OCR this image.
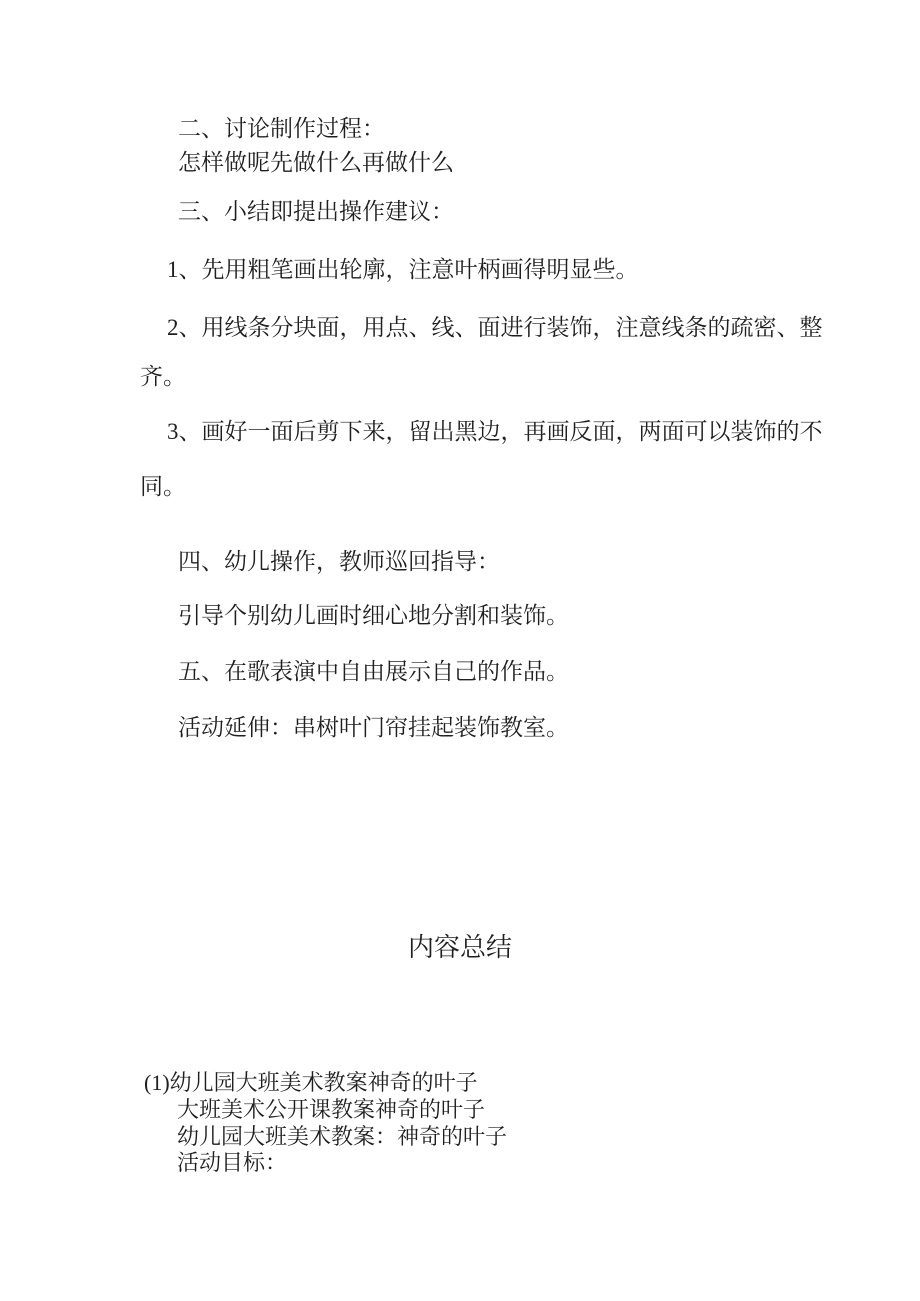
二、讨论制作过程：

怎样做呢先做什么再做什么

三、小结即提出操作建议：

1、先用粗笔画出轮廓，注意叶柄画得明显些。

2、用线条分块面，用点、线、面进行装饰，注意线条的疏密、整

齐。

3、画好一面后剪下来，留出黑边，再画反面，两面可以装饰的不

同。

四、幼儿操作，教师巡回指导：

引导个别幼儿画时细心地分割和装饰。

五、在歌表演中自由展示自己的作品。

活动延伸：串树叶门帘挂起装饰教室。

内容总结

(1)幼儿园大班美术教案神奇的叶子

大班美术公开课教案神奇的叶子

幼儿园大班美术教案：神奇的叶子

活动目标：
